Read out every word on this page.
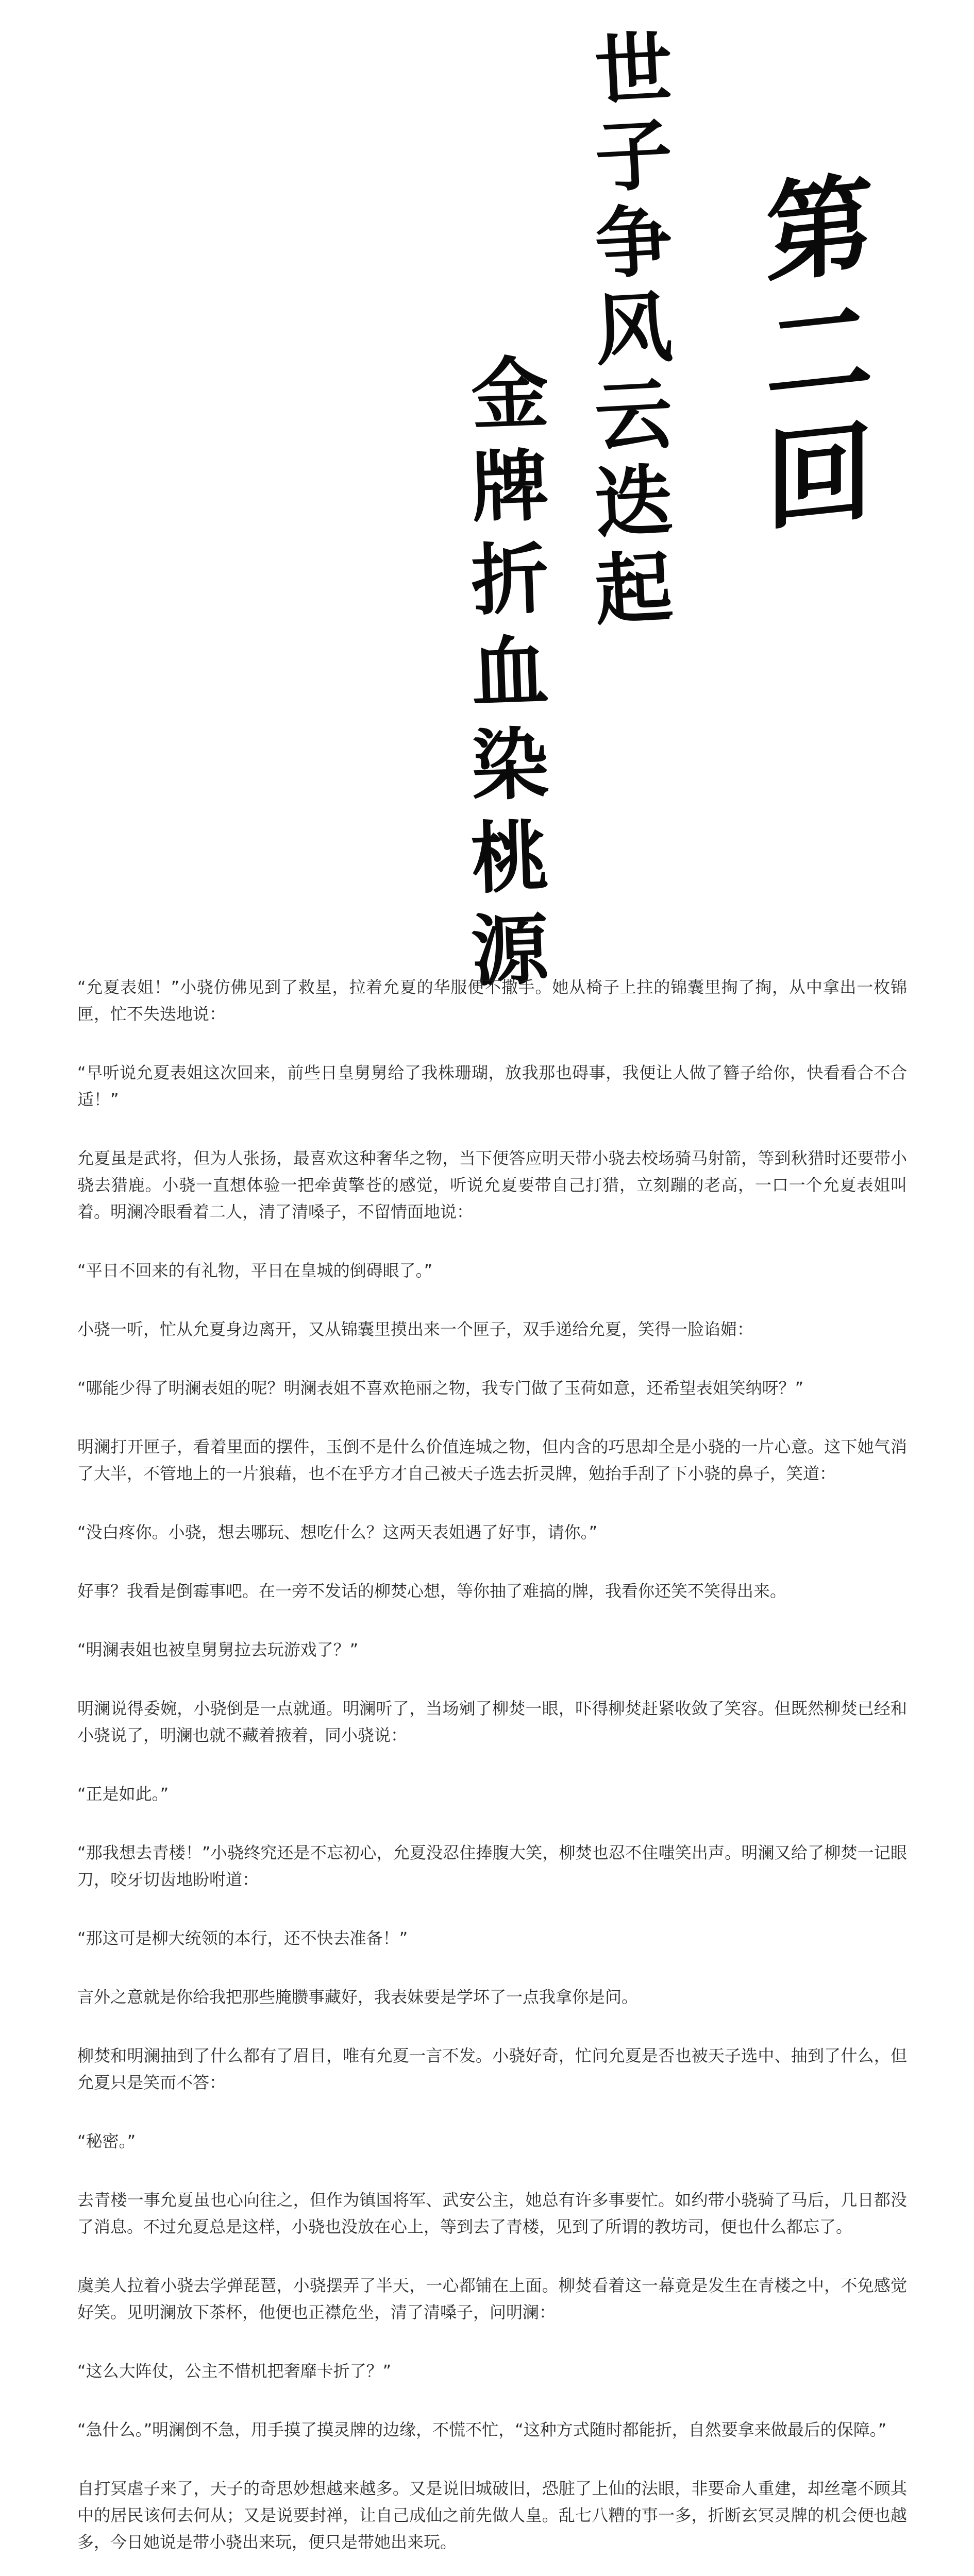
第
二
回
世
子
争
风
云
迭
起
金
牌
折
血
染
桃
源

“允夏表姐！”小骁仿佛见到了救星，拉着允夏的华服便不撒手。她从椅子上拄的锦囊里掏了掏，从中拿出一枚锦匣，忙不失迭地说：

“早听说允夏表姐这次回来，前些日皇舅舅给了我株珊瑚，放我那也碍事，我便让人做了簪子给你，快看看合不合适！”

允夏虽是武将，但为人张扬，最喜欢这种奢华之物，当下便答应明天带小骁去校场骑马射箭，等到秋猎时还要带小骁去猎鹿。小骁一直想体验一把牵黄擎苍的感觉，听说允夏要带自己打猎，立刻蹦的老高，一口一个允夏表姐叫着。明澜冷眼看着二人，清了清嗓子，不留情面地说：

“平日不回来的有礼物，平日在皇城的倒碍眼了。”

小骁一听，忙从允夏身边离开，又从锦囊里摸出来一个匣子，双手递给允夏，笑得一脸谄媚：

“哪能少得了明澜表姐的呢？明澜表姐不喜欢艳丽之物，我专门做了玉荷如意，还希望表姐笑纳呀？”

明澜打开匣子，看着里面的摆件，玉倒不是什么价值连城之物，但内含的巧思却全是小骁的一片心意。这下她气消了大半，不管地上的一片狼藉，也不在乎方才自己被天子选去折灵牌，勉抬手刮了下小骁的鼻子，笑道：

“没白疼你。小骁，想去哪玩、想吃什么？这两天表姐遇了好事，请你。”

好事？我看是倒霉事吧。在一旁不发话的柳焚心想，等你抽了难搞的牌，我看你还笑不笑得出来。

“明澜表姐也被皇舅舅拉去玩游戏了？”

明澜说得委婉，小骁倒是一点就通。明澜听了，当场剜了柳焚一眼，吓得柳焚赶紧收敛了笑容。但既然柳焚已经和小骁说了，明澜也就不藏着掖着，同小骁说：

“正是如此。”

“那我想去青楼！”小骁终究还是不忘初心，允夏没忍住捧腹大笑，柳焚也忍不住嗤笑出声。明澜又给了柳焚一记眼刀，咬牙切齿地盼咐道：

“那这可是柳大统领的本行，还不快去准备！”

言外之意就是你给我把那些腌臜事藏好，我表妹要是学坏了一点我拿你是问。

柳焚和明澜抽到了什么都有了眉目，唯有允夏一言不发。小骁好奇，忙问允夏是否也被天子选中、抽到了什么，但允夏只是笑而不答：

“秘密。”

去青楼一事允夏虽也心向往之，但作为镇国将军、武安公主，她总有许多事要忙。如约带小骁骑了马后，几日都没了消息。不过允夏总是这样，小骁也没放在心上，等到去了青楼，见到了所谓的教坊司，便也什么都忘了。

虞美人拉着小骁去学弹琵琶，小骁摆弄了半天，一心都铺在上面。柳焚看着这一幕竟是发生在青楼之中，不免感觉好笑。见明澜放下茶杯，他便也正襟危坐，清了清嗓子，问明澜：

“这么大阵仗，公主不惜机把奢靡卡折了？”

“急什么。”明澜倒不急，用手摸了摸灵牌的边缘，不慌不忙，“这种方式随时都能折，自然要拿来做最后的保障。”

自打冥虐子来了，天子的奇思妙想越来越多。又是说旧城破旧，恐脏了上仙的法眼，非要命人重建，却丝毫不顾其中的居民该何去何从；又是说要封禅，让自己成仙之前先做人皇。乱七八糟的事一多，折断玄冥灵牌的机会便也越多，今日她说是带小骁出来玩，便只是带她出来玩。
